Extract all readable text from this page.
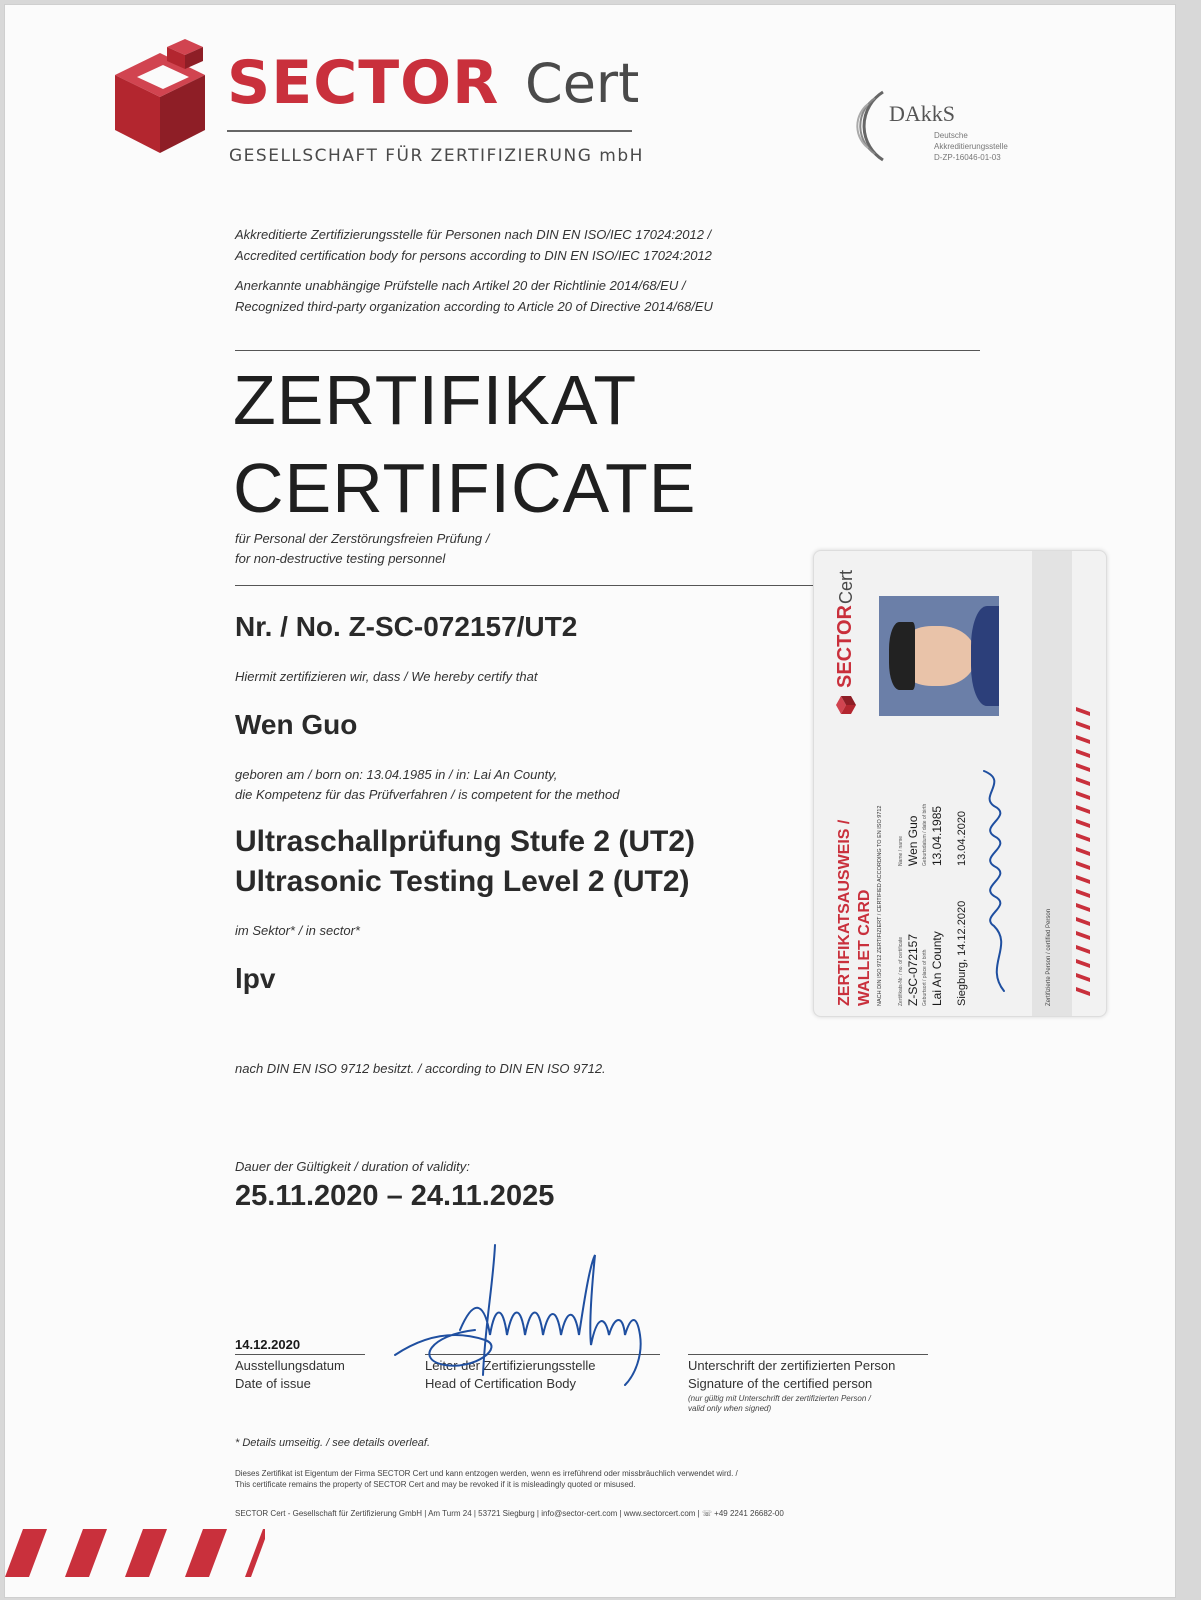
SECTOR Cert
GESELLSCHAFT FÜR ZERTIFIZIERUNG mbH
DAkkS
Deutsche
Akkreditierungsstelle
D-ZP-16046-01-03
Akkreditierte Zertifizierungsstelle für Personen nach DIN EN ISO/IEC 17024:2012 /
Accredited certification body for persons according to DIN EN ISO/IEC 17024:2012
Anerkannte unabhängige Prüfstelle nach Artikel 20 der Richtlinie 2014/68/EU /
Recognized third-party organization according to Article 20 of Directive 2014/68/EU
ZERTIFIKAT
CERTIFICATE
für Personal der Zerstörungsfreien Prüfung /
for non-destructive testing personnel
Nr. / No. Z-SC-072157/UT2
Hiermit zertifizieren wir, dass / We hereby certify that
Wen Guo
geboren am / born on: 13.04.1985 in / in: Lai An County,
die Kompetenz für das Prüfverfahren / is competent for the method
Ultraschallprüfung Stufe 2 (UT2)
Ultrasonic Testing Level 2 (UT2)
im Sektor* / in sector*
lpv
nach DIN EN ISO 9712 besitzt. / according to DIN EN ISO 9712.
Dauer der Gültigkeit / duration of validity:
25.11.2020 – 24.11.2025
14.12.2020
Ausstellungsdatum
Date of issue
Leiter der Zertifizierungsstelle
Head of Certification Body
Unterschrift der zertifizierten Person
Signature of the certified person
(nur gültig mit Unterschrift der zertifizierten Person /
valid only when signed)
* Details umseitig. / see details overleaf.
Dieses Zertifikat ist Eigentum der Firma SECTOR Cert und kann entzogen werden, wenn es irreführend oder missbräuchlich verwendet wird. /
This certificate remains the property of SECTOR Cert and may be revoked if it is misleadingly quoted or misused.
SECTOR Cert - Gesellschaft für Zertifizierung GmbH | Am Turm 24 | 53721 Siegburg | info@sector-cert.com | www.sectorcert.com | ☏ +49 2241 26682-00
ZERTIFIKATSAUSWEIS / WALLET CARD NACH DIN ISO 9712 ZERTIFIZIERT / CERTIFIED ACCORDING TO EN ISO 9712	Zertifikats-Nr. / no. of certificate Z-SC-072157
Name / name Wen Guo Geburtsdatum / date of birth 13.04.1985
Geburtsort / place of birth Lai An County Siegburg, 14.12.2020
13.04.2020
Zertifizierte Person / certified Person
SECTOR
Cert
